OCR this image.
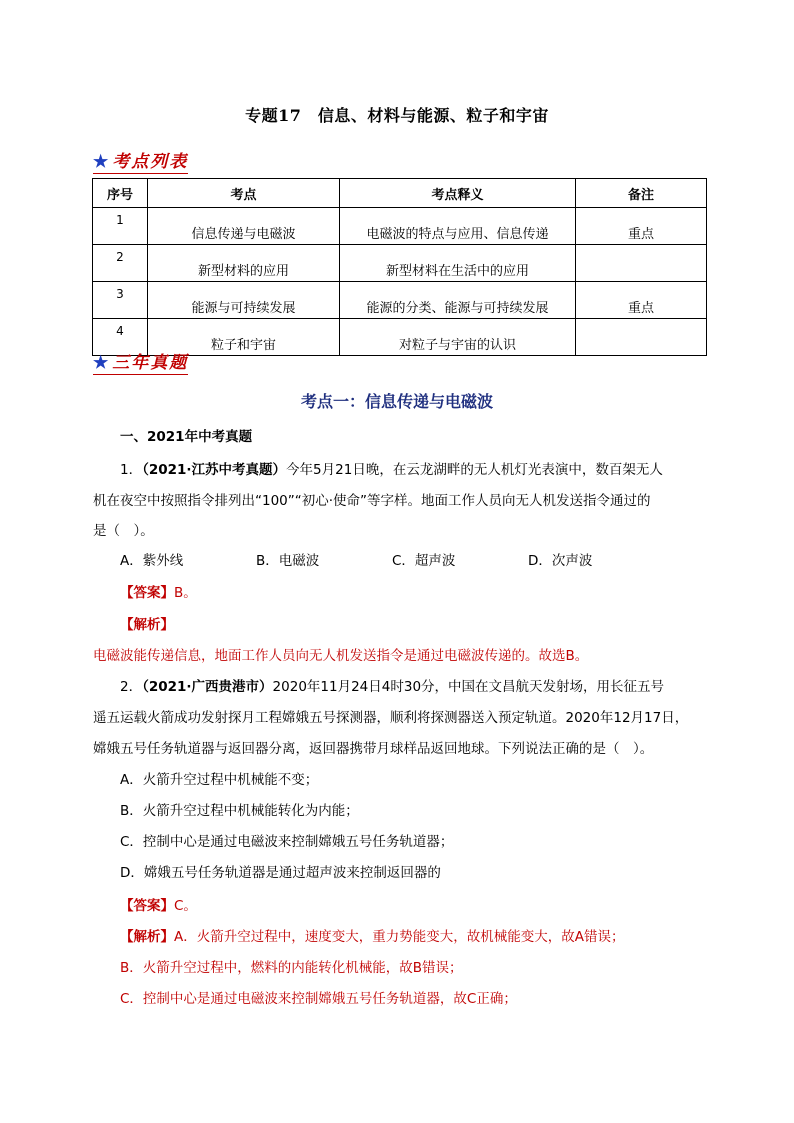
专题17　信息、材料与能源、粒子和宇宙
★ 考点列表
序号	考点	考点释义	备注
1	信息传递与电磁波	电磁波的特点与应用、信息传递	重点
2	新型材料的应用	新型材料在生活中的应用	
3	能源与可持续发展	能源的分类、能源与可持续发展	重点
4	粒子和宇宙	对粒子与宇宙的认识	
★ 三年真题
考点一：信息传递与电磁波
一、2021年中考真题
1．（2021·江苏中考真题）今年5月21日晚，在云龙湖畔的无人机灯光表演中，数百架无人
机在夜空中按照指令排列出“100”“初心·使命”等字样。地面工作人员向无人机发送指令通过的
是（　）。
A．紫外线	B．电磁波	C．超声波	D．次声波
【答案】B。
【解析】
电磁波能传递信息，地面工作人员向无人机发送指令是通过电磁波传递的。故选B。
2．（2021·广西贵港市）2020年11月24日4时30分，中国在文昌航天发射场，用长征五号
遥五运载火箭成功发射探月工程嫦娥五号探测器，顺利将探测器送入预定轨道。2020年12月17日，
嫦娥五号任务轨道器与返回器分离，返回器携带月球样品返回地球。下列说法正确的是（　）。
A．火箭升空过程中机械能不变；
B．火箭升空过程中机械能转化为内能；
C．控制中心是通过电磁波来控制嫦娥五号任务轨道器；
D．嫦娥五号任务轨道器是通过超声波来控制返回器的
【答案】C。
【解析】A．火箭升空过程中，速度变大，重力势能变大，故机械能变大，故A错误；
B．火箭升空过程中，燃料的内能转化机械能，故B错误；
C．控制中心是通过电磁波来控制嫦娥五号任务轨道器，故C正确；
